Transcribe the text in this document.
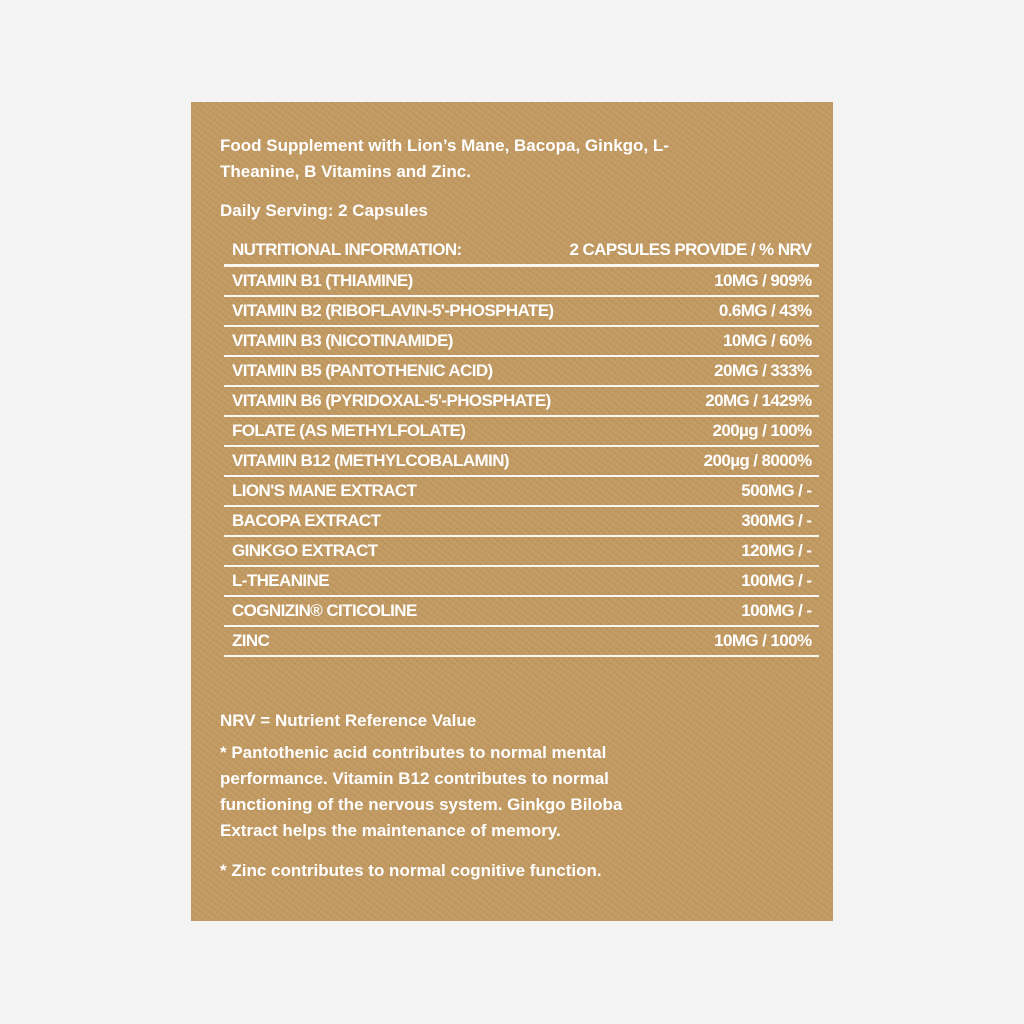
Food Supplement with Lion’s Mane, Bacopa, Ginkgo, L-Theanine, B Vitamins and Zinc.

Daily Serving: 2 Capsules

NUTRITIONAL INFORMATION:	2 CAPSULES PROVIDE / % NRV
VITAMIN B1 (THIAMINE)	10MG / 909%
VITAMIN B2 (RIBOFLAVIN-5'-PHOSPHATE)	0.6MG / 43%
VITAMIN B3 (NICOTINAMIDE)	10MG / 60%
VITAMIN B5 (PANTOTHENIC ACID)	20MG / 333%
VITAMIN B6 (PYRIDOXAL-5'-PHOSPHATE)	20MG / 1429%
FOLATE (AS METHYLFOLATE)	200µg / 100%
VITAMIN B12 (METHYLCOBALAMIN)	200µg / 8000%
LION'S MANE EXTRACT	500MG / -
BACOPA EXTRACT	300MG / -
GINKGO EXTRACT	120MG / -
L-THEANINE	100MG / -
COGNIZIN® CITICOLINE	100MG / -
ZINC	10MG / 100%

NRV = Nutrient Reference Value

* Pantothenic acid contributes to normal mental performance. Vitamin B12 contributes to normal functioning of the nervous system. Ginkgo Biloba Extract helps the maintenance of memory.

* Zinc contributes to normal cognitive function.
